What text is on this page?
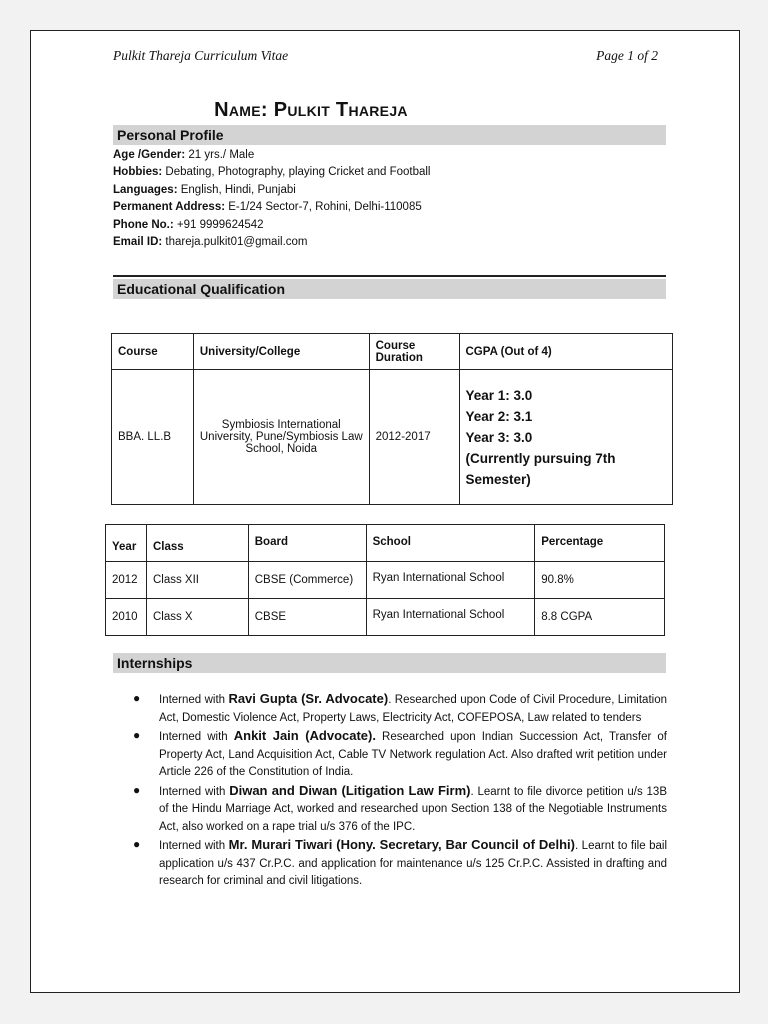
Pulkit Thareja Curriculum Vitae	Page 1 of 2
Name: Pulkit Thareja
Personal Profile
Age /Gender: 21 yrs./ Male
Hobbies: Debating, Photography, playing Cricket and Football
Languages: English, Hindi, Punjabi
Permanent Address: E-1/24 Sector-7, Rohini, Delhi-110085
Phone No.: +91 9999624542
Email ID: thareja.pulkit01@gmail.com
Educational Qualification
Course	University/College	Course Duration	CGPA (Out of 4)
BBA. LL.B	Symbiosis International University, Pune/Symbiosis Law School, Noida	2012-2017	Year 1: 3.0
Year 2: 3.1
Year 3: 3.0
(Currently pursuing 7th Semester)
Year	Class	Board	School	Percentage
2012	Class XII	CBSE (Commerce)	Ryan International School	90.8%
2010	Class X	CBSE	Ryan International School	8.8 CGPA
Internships
● Interned with Ravi Gupta (Sr. Advocate). Researched upon Code of Civil Procedure, Limitation Act, Domestic Violence Act, Property Laws, Electricity Act, COFEPOSA, Law related to tenders
● Interned with Ankit Jain (Advocate). Researched upon Indian Succession Act, Transfer of Property Act, Land Acquisition Act, Cable TV Network regulation Act. Also drafted writ petition under Article 226 of the Constitution of India.
● Interned with Diwan and Diwan (Litigation Law Firm). Learnt to file divorce petition u/s 13B of the Hindu Marriage Act, worked and researched upon Section 138 of the Negotiable Instruments Act, also worked on a rape trial u/s 376 of the IPC.
● Interned with Mr. Murari Tiwari (Hony. Secretary, Bar Council of Delhi). Learnt to file bail application u/s 437 Cr.P.C. and application for maintenance u/s 125 Cr.P.C. Assisted in drafting and research for criminal and civil litigations.
